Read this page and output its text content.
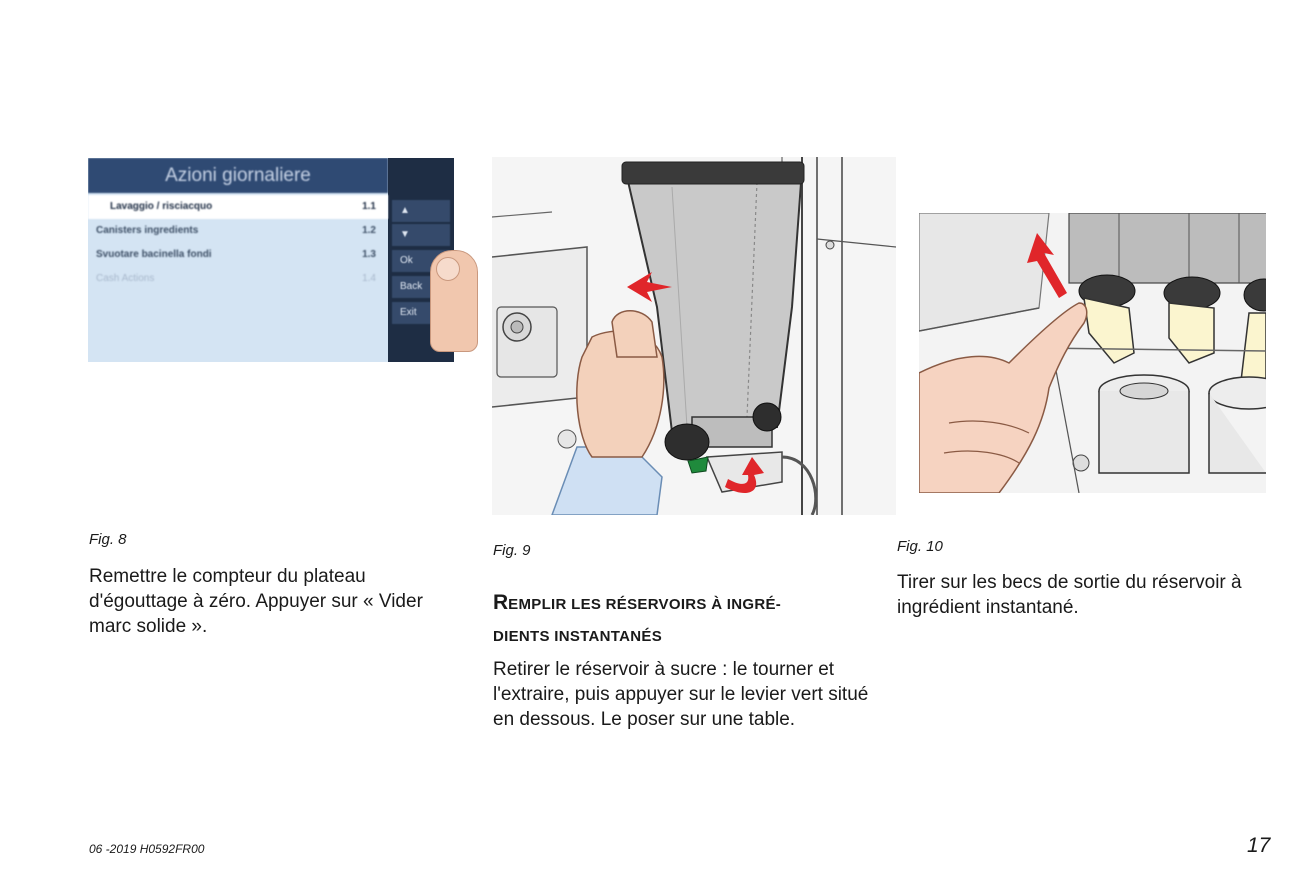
Azioni giornaliere
Lavaggio / risciacquo	1.1
Canisters ingredients	1.2
Svuotare bacinella fondi	1.3
Cash Actions	1.4
▲
▼
Ok
Back
Exit
Fig. 8
Fig. 9	Fig. 10
Remettre le compteur du plateau d'égouttage à zéro. Appuyer sur « Vider marc solide ».
REMPLIR LES RÉSERVOIRS À INGRÉ-
DIENTS INSTANTANÉS
Retirer le réservoir à sucre : le tourner et l'extraire, puis appuyer sur le levier vert situé en dessous. Le poser sur une table.
Tirer sur les becs de sortie du réservoir à ingrédient instantané.
06 -2019 H0592FR00	17
